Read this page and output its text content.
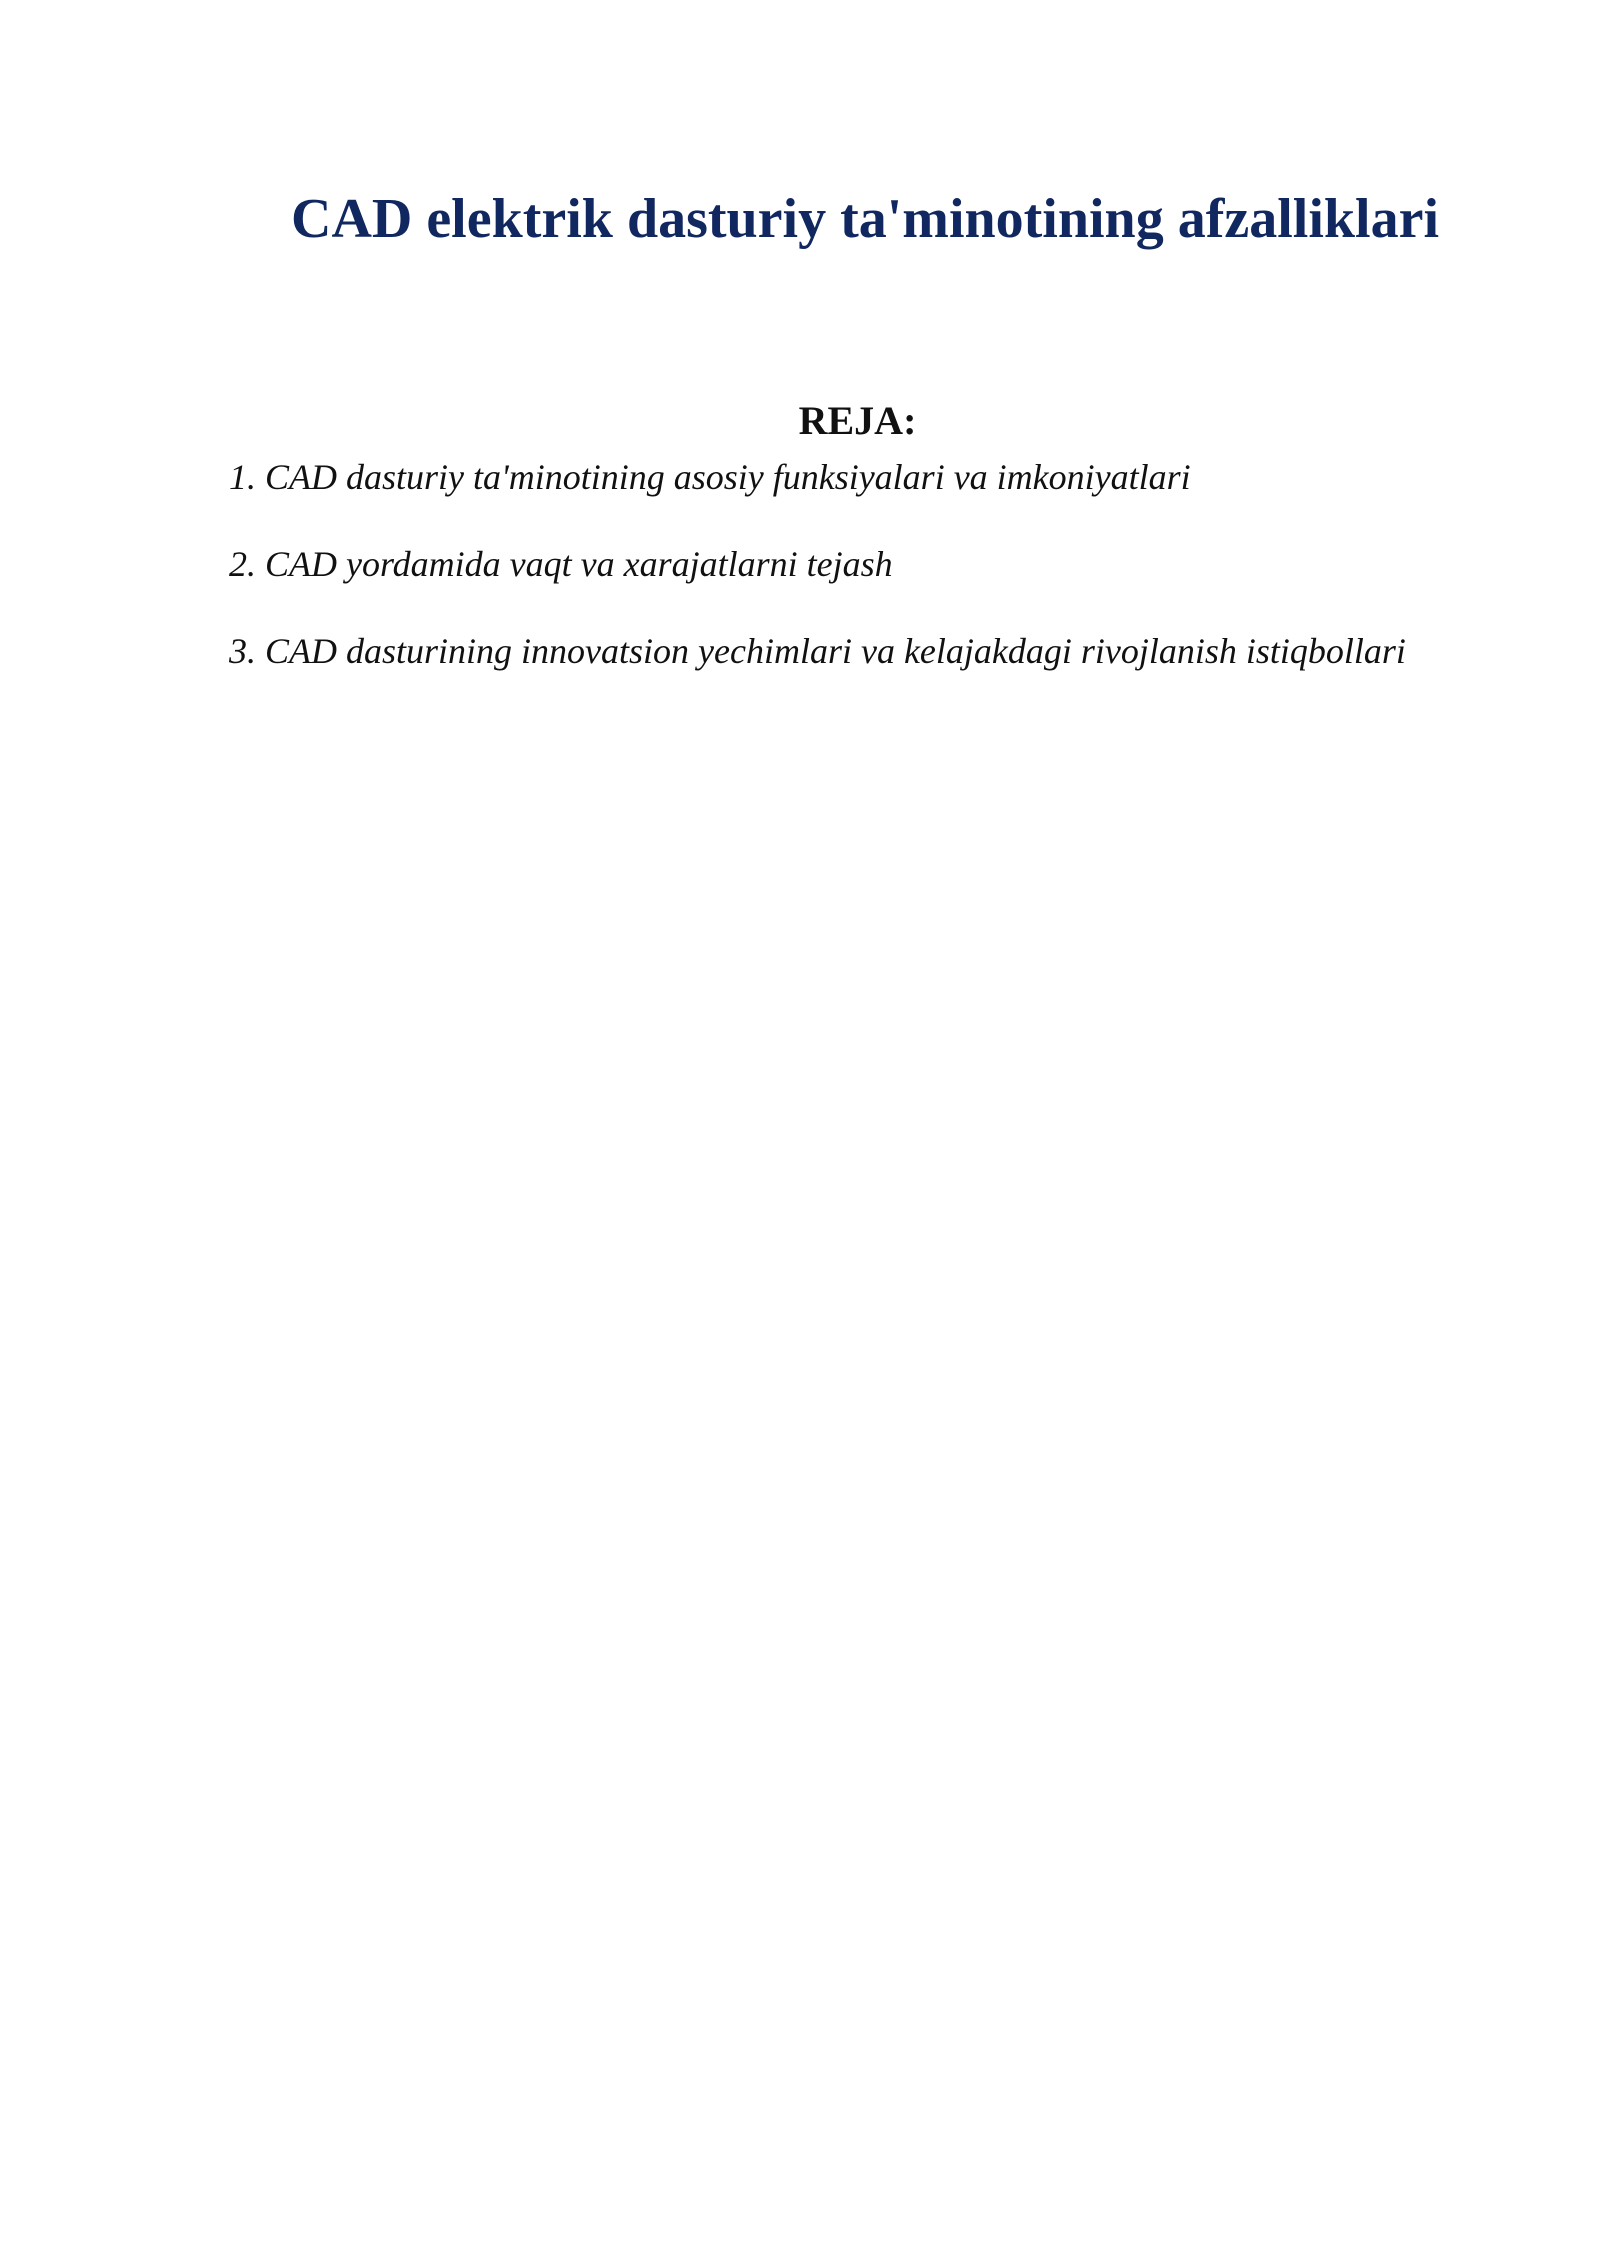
CAD elektrik dasturiy ta'minotining afzalliklari
REJA:
1. CAD dasturiy ta'minotining asosiy funksiyalari va imkoniyatlari
2. CAD yordamida vaqt va xarajatlarni tejash
3. CAD dasturining innovatsion yechimlari va kelajakdagi rivojlanish istiqbollari
